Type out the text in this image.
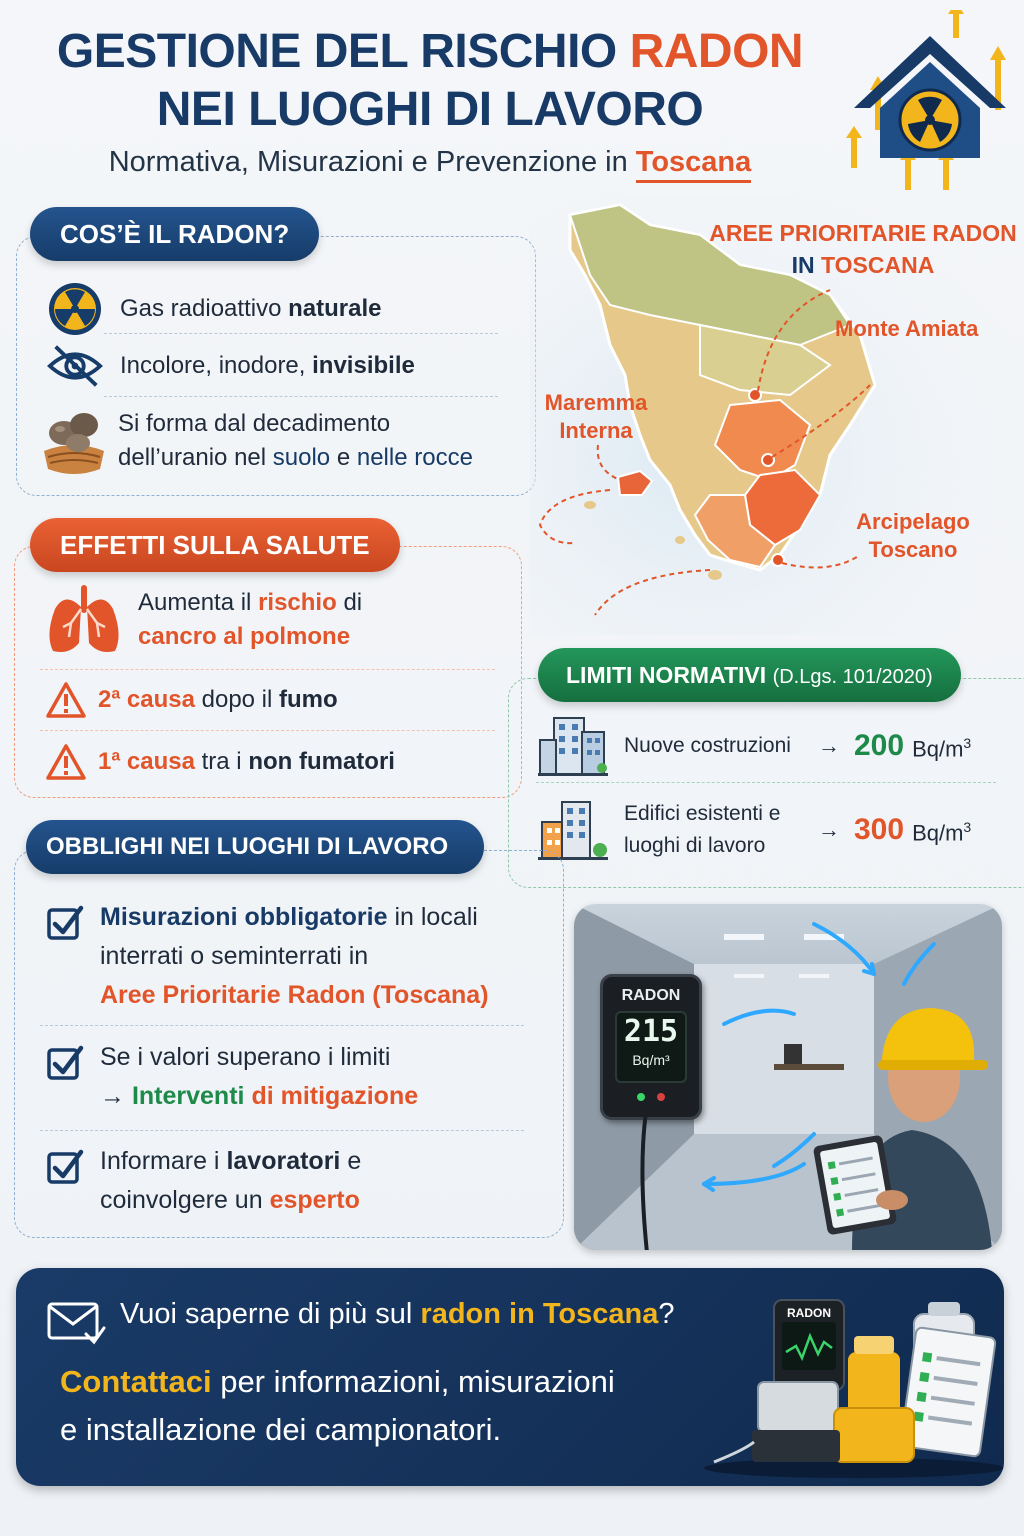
GESTIONE DEL RISCHIO RADON
NEI LUOGHI DI LAVORO
Normativa, Misurazioni e Prevenzione in Toscana
COS’È IL RADON?
Gas radioattivo naturale
Incolore, inodore, invisibile
Si forma dal decadimento
dell’uranio nel suolo e nelle rocce
AREE PRIORITARIE RADON
IN TOSCANA
Monte Amiata
Maremma
Interna
Arcipelago
Toscano
EFFETTI SULLA SALUTE
Aumenta il rischio di
cancro al polmone
2ª causa dopo il fumo
1ª causa tra i non fumatori
LIMITI NORMATIVI (D.Lgs. 101/2020)
Nuove costruzioni	→ 200 $Bq/m^3$
Edifici esistenti e
luoghi di lavoro
→ 300 $Bq/m^3$
OBBLIGHI NEI LUOGHI DI LAVORO
Misurazioni obbligatorie in locali
interrati o seminterrati in
Aree Prioritarie Radon (Toscana)
Se i valori superano i limiti
→ Interventi di mitigazione
Informare i lavoratori e
coinvolgere un esperto
RADON
215
Bq/m³
Vuoi saperne di più sul radon in Toscana?
Contattaci per informazioni, misurazioni
e installazione dei campionatori.
RADON
